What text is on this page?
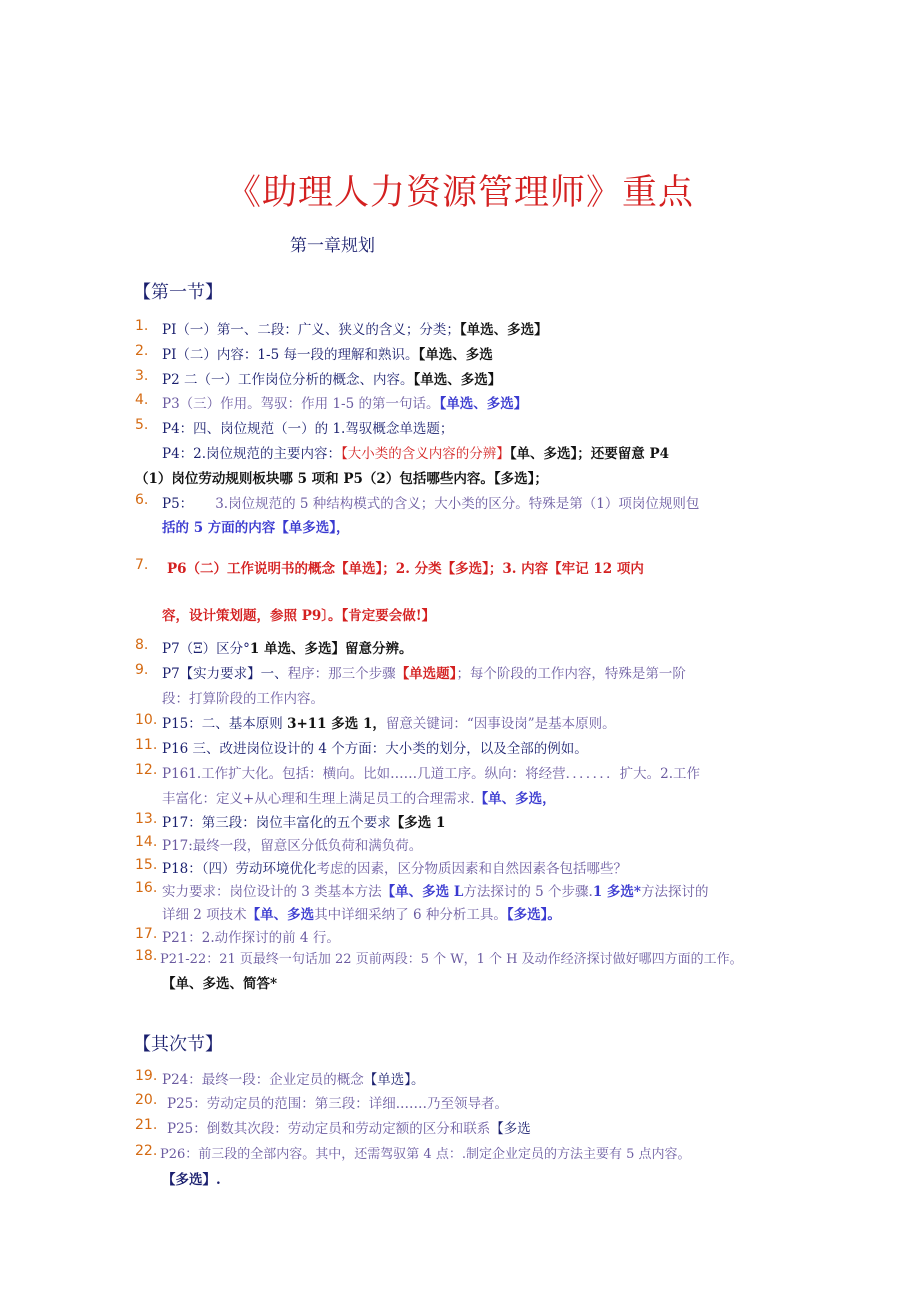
《助理人力资源管理师》重点
第一章规划
【第一节】
1.
2.
3.
4.
5.
6.
7.
8.
9.
10.
11.
12.
13.
14.
15.
16.
17.
18.
19.
20.
21.
22.
PI（一）第一、二段：广义、狭义的含义；分类；【单选、多选】
PI（二）内容：1-5 每一段的理解和熟识。【单选、多选
P2 二（一）工作岗位分析的概念、内容。【单选、多选】
P3（三）作用。驾驭：作用 1-5 的第一句话。【单选、多选】
P4：四、岗位规范（一）的 1.驾驭概念单选题；
P4：2.岗位规范的主要内容：【大小类的含义内容的分辨】【单、多选】；还要留意 P4
（1）岗位劳动规则板块哪 5 项和 P5（2）包括哪些内容。【多选】；
P5： 3.岗位规范的 5 种结构模式的含义；大小类的区分。特殊是第（1）项岗位规则包
括的 5 方面的内容【单多选】，
P6（二）工作说明书的概念【单选】；2. 分类【多选】；3. 内容【牢记 12 项内
容，设计策划题，参照 P9〕。【肯定要会做!】
P7（Ξ）区分°1 单选、多选】留意分辨。
P7【实力要求】一、程序：那三个步骤【单选题】；每个阶段的工作内容，特殊是第一阶
段：打算阶段的工作内容。
P15：二、基本原则 3+11 多选 1，留意关键词：“因事设岗”是基本原则。
P16 三、改进岗位设计的 4 个方面：大小类的划分，以及全部的例如。
P161.工作扩大化。包括：横向。比如……几道工序。纵向：将经营．．．．．．．扩大。2.工作
丰富化：定义+从心理和生理上满足员工的合理需求.【单、多选，
P17：第三段：岗位丰富化的五个要求【多选 1
P17:最终一段，留意区分低负荷和满负荷。
P18：（四）劳动环境优化考虑的因素，区分物质因素和自然因素各包括哪些？
实力要求：岗位设计的 3 类基本方法【单、多选 L方法探讨的 5 个步骤.1 多选*方法探讨的
详细 2 项技术【单、多选其中详细采纳了 6 种分析工具。【多选】。
P21：2.动作探讨的前 4 行。
P21-22：21 页最终一句话加 22 页前两段：5 个 W，1 个 H 及动作经济探讨做好哪四方面的工作。
【单、多选、简答*
【其次节】
P24：最终一段：企业定员的概念【单选】。
P25：劳动定员的范围：第三段：详细.……乃至领导者。
P25：倒数其次段：劳动定员和劳动定额的区分和联系【多选
P26：前三段的全部内容。其中，还需驾驭第 4 点：.制定企业定员的方法主要有 5 点内容。
【多选】.
